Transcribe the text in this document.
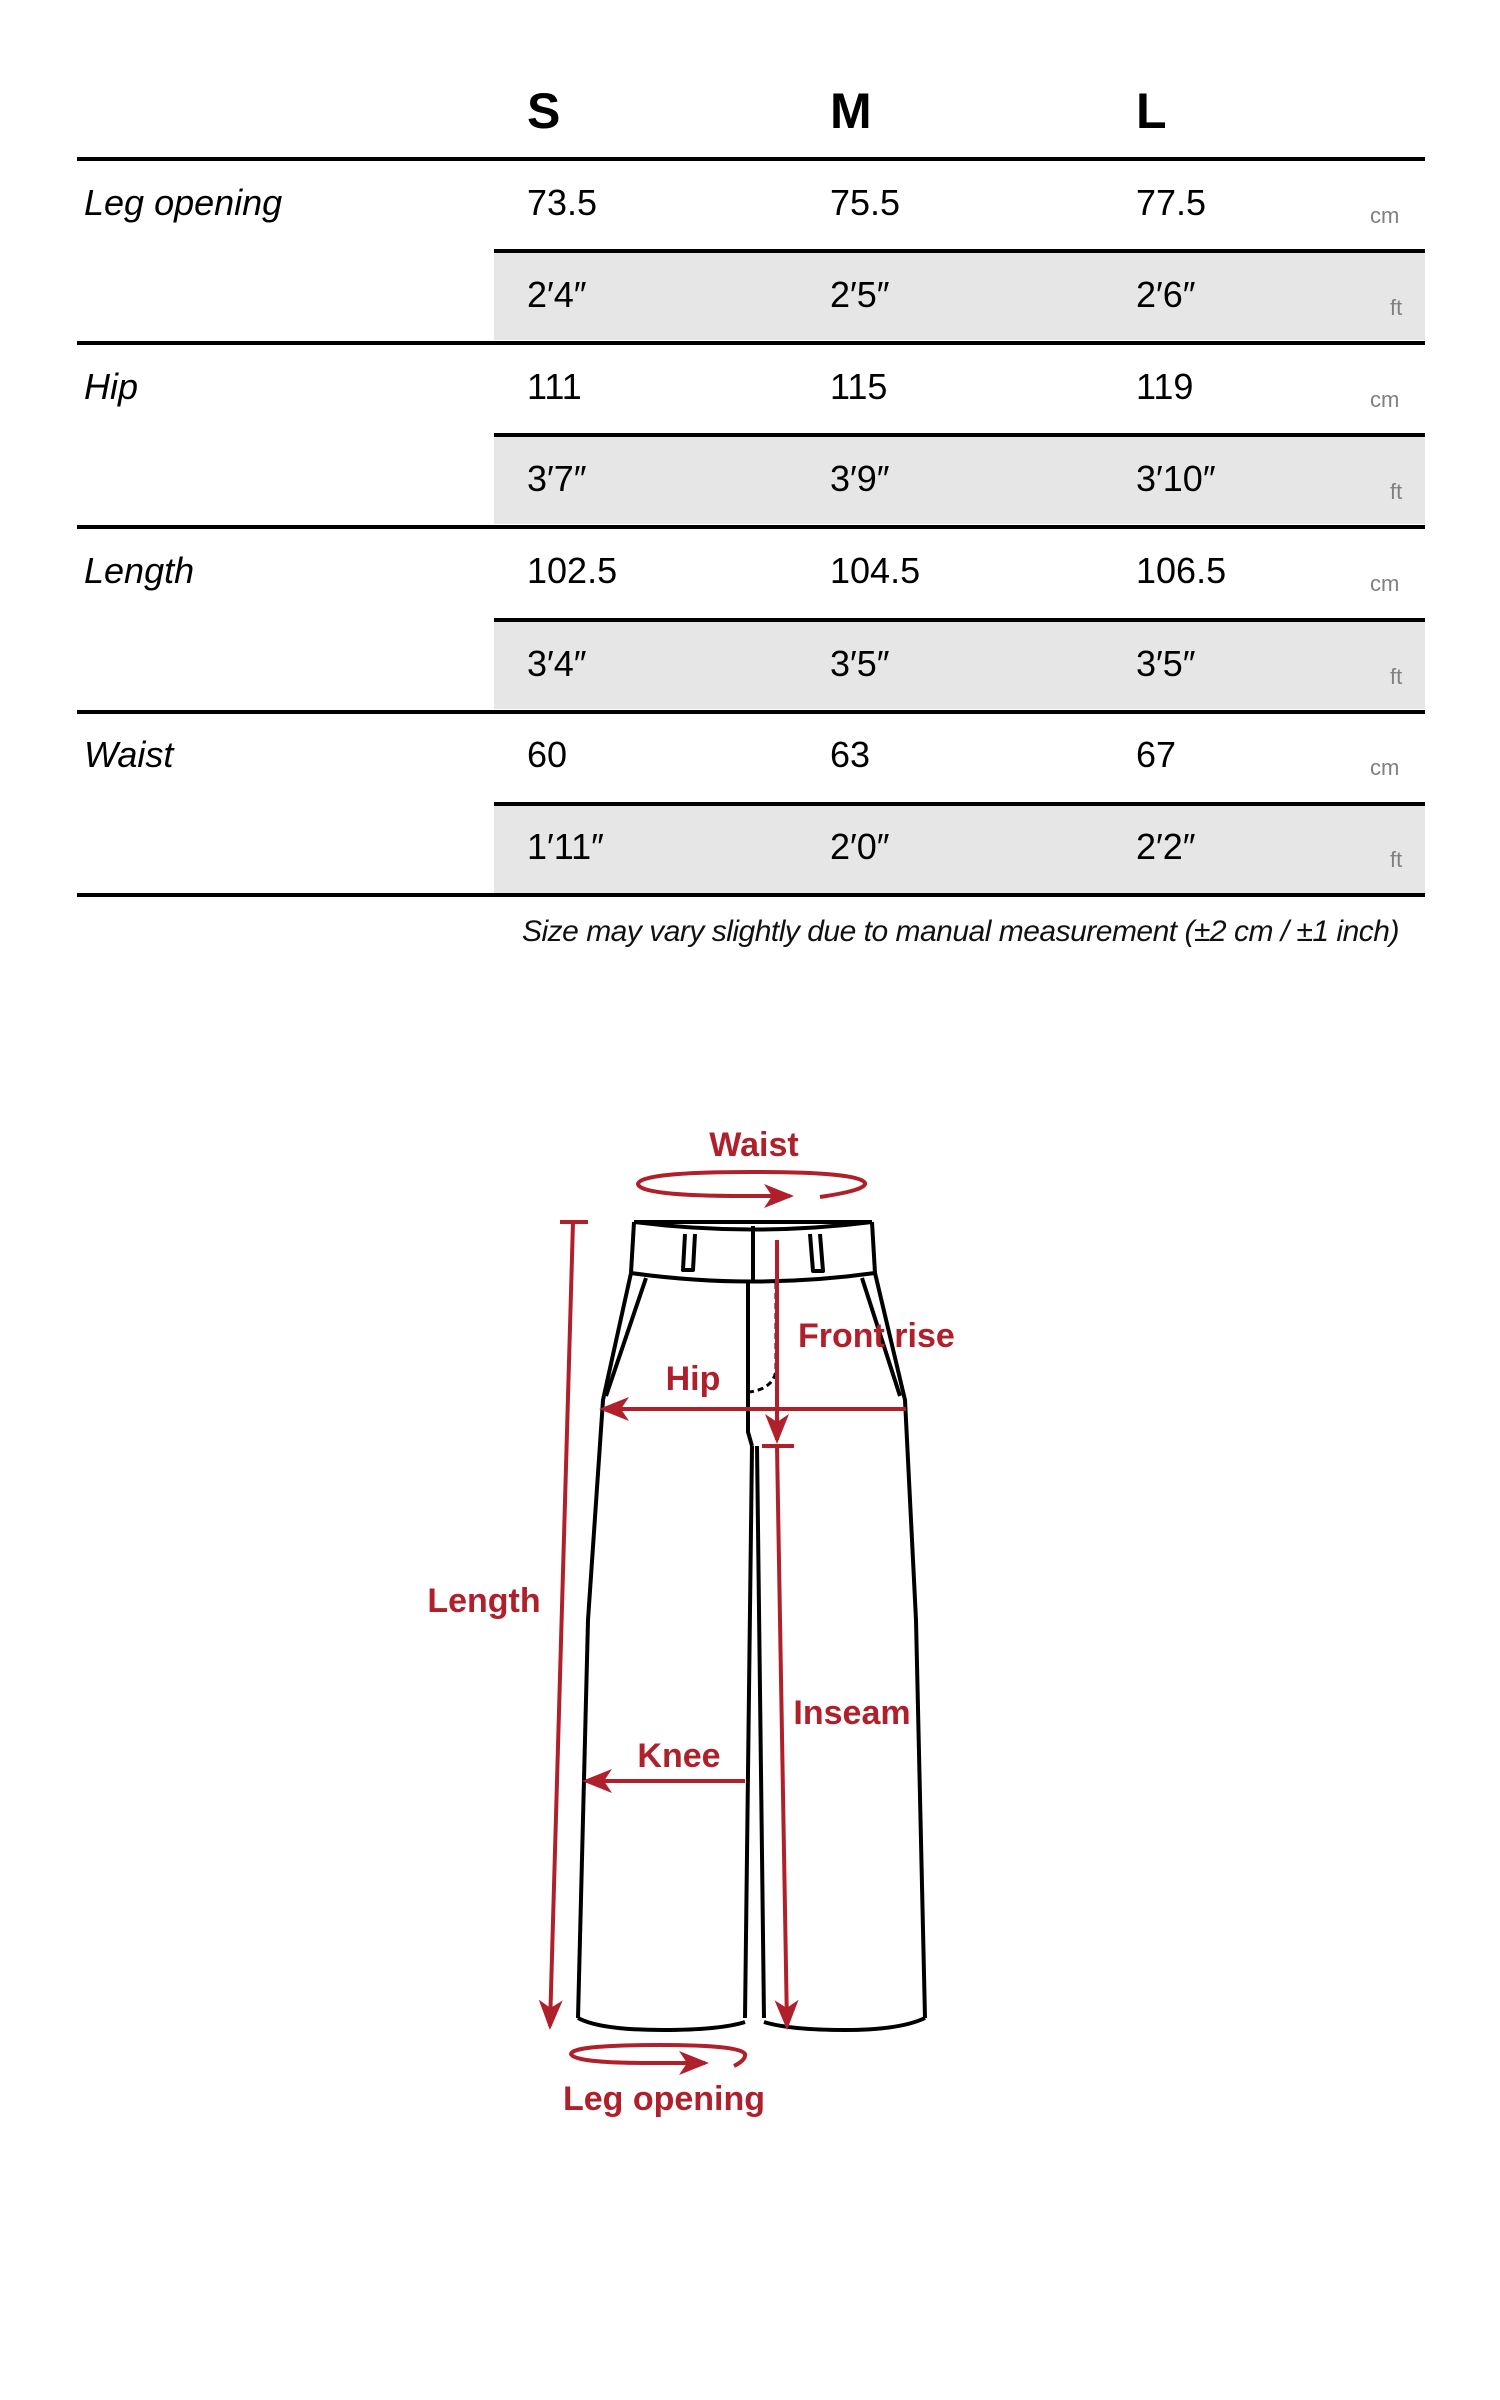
S	M	L
Leg opening	73.5	75.5	77.5	cm
2′4″	2′5″	2′6″	ft
Hip	111	115	119	cm
3′7″	3′9″	3′10″	ft
Length	102.5	104.5	106.5	cm
3′4″	3′5″	3′5″	ft
Waist	60	63	67	cm
1′11″	2′0″	2′2″	ft
Size may vary slightly due to manual measurement (±2 cm / ±1 inch)
Waist
Front rise
Hip
Length
Inseam
Knee
Leg opening
